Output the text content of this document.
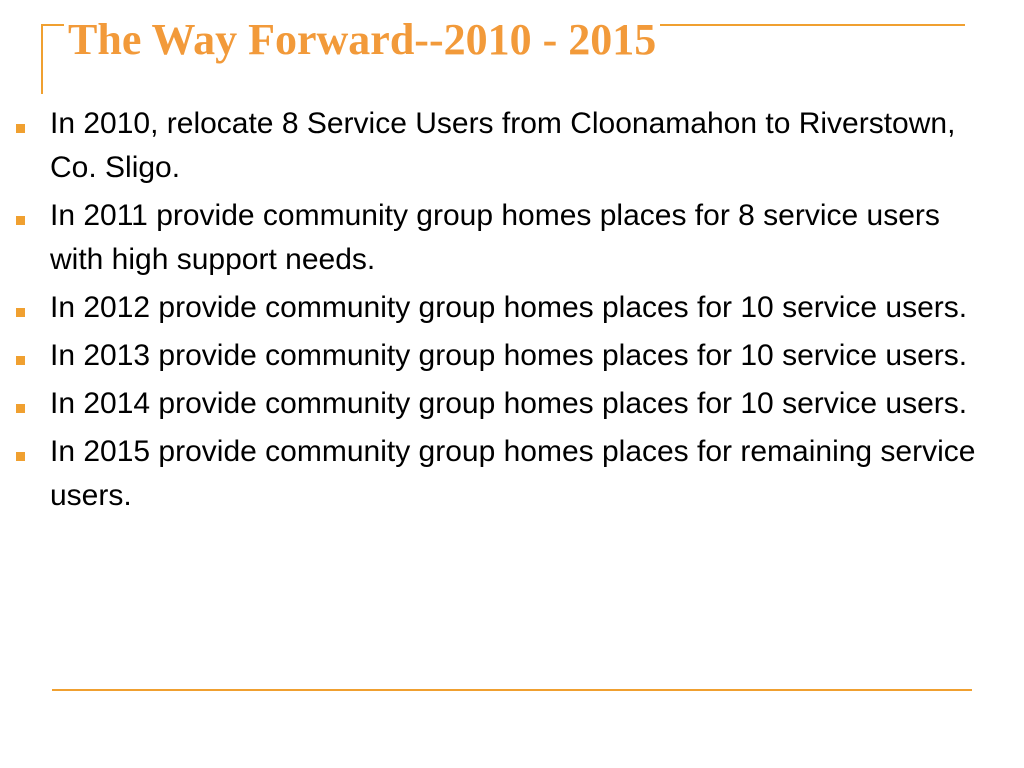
The Way Forward--2010 - 2015
In 2010, relocate 8 Service Users from Cloonamahon to Riverstown, Co. Sligo.
In 2011 provide community group homes places for 8 service users with high support needs.
In 2012 provide community group homes places for 10 service users.
In 2013 provide community group homes places for 10 service users.
In 2014 provide community group homes places for 10 service users.
In 2015 provide community group homes places for remaining service users.
